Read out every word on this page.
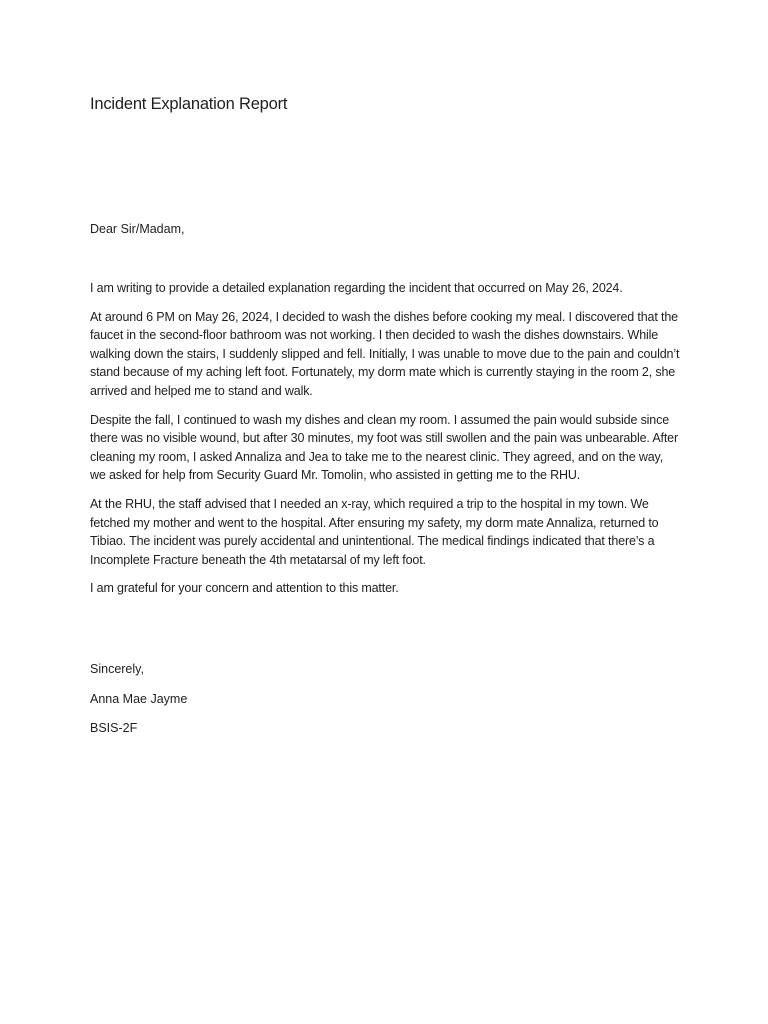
Incident Explanation Report

Dear Sir/Madam,

I am writing to provide a detailed explanation regarding the incident that occurred on May 26, 2024.

At around 6 PM on May 26, 2024, I decided to wash the dishes before cooking my meal. I discovered that the faucet in the second-floor bathroom was not working. I then decided to wash the dishes downstairs. While walking down the stairs, I suddenly slipped and fell. Initially, I was unable to move due to the pain and couldn’t stand because of my aching left foot. Fortunately, my dorm mate which is currently staying in the room 2, she arrived and helped me to stand and walk.

Despite the fall, I continued to wash my dishes and clean my room. I assumed the pain would subside since there was no visible wound, but after 30 minutes, my foot was still swollen and the pain was unbearable. After cleaning my room, I asked Annaliza and Jea to take me to the nearest clinic. They agreed, and on the way, we asked for help from Security Guard Mr. Tomolin, who assisted in getting me to the RHU.

At the RHU, the staff advised that I needed an x-ray, which required a trip to the hospital in my town. We fetched my mother and went to the hospital. After ensuring my safety, my dorm mate Annaliza, returned to Tibiao. The incident was purely accidental and unintentional. The medical findings indicated that there’s a Incomplete Fracture beneath the 4th metatarsal of my left foot.

I am grateful for your concern and attention to this matter.

Sincerely,

Anna Mae Jayme

BSIS-2F
